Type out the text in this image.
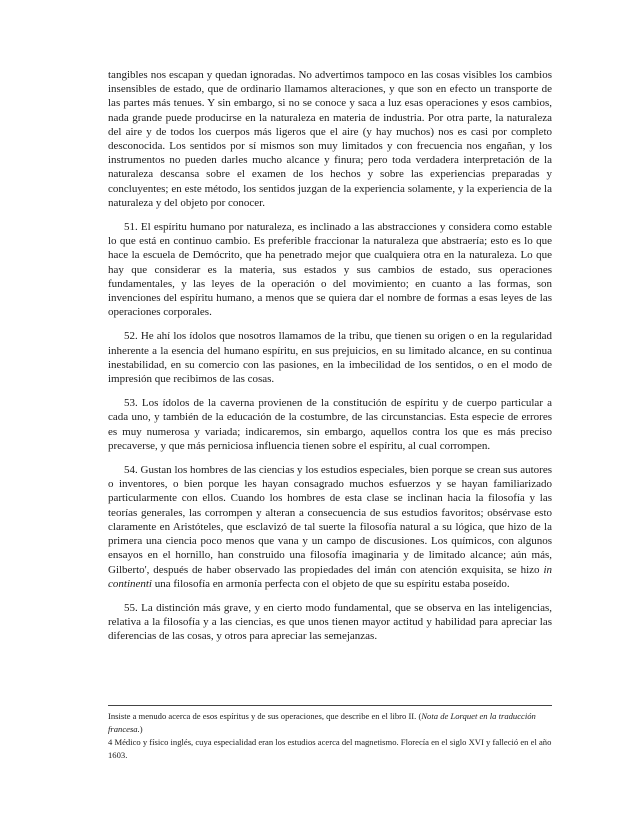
tangibles nos escapan y quedan ignoradas. No advertimos tampoco en las cosas visibles los cambios insensibles de estado, que de ordinario llamamos alteraciones, y que son en efecto un transporte de las partes más tenues. Y sin embargo, si no se conoce y saca a luz esas operaciones y esos cambios, nada grande puede producirse en la naturaleza en materia de industria. Por otra parte, la naturaleza del aire y de todos los cuerpos más ligeros que el aire (y hay muchos) nos es casi por completo desconocida. Los sentidos por sí mismos son muy limitados y con frecuencia nos engañan, y los instrumentos no pueden darles mucho alcance y finura; pero toda verdadera interpretación de la naturaleza descansa sobre el examen de los hechos y sobre las experiencias preparadas y concluyentes; en este método, los sentidos juzgan de la experiencia solamente, y la experiencia de la naturaleza y del objeto por conocer.

51. El espíritu humano por naturaleza, es inclinado a las abstracciones y considera como estable lo que está en continuo cambio. Es preferible fraccionar la naturaleza que abstraería; esto es lo que hace la escuela de Demócrito, que ha penetrado mejor que cualquiera otra en la naturaleza. Lo que hay que considerar es la materia, sus estados y sus cambios de estado, sus operaciones fundamentales, y las leyes de la operación o del movimiento; en cuanto a las formas, son invenciones del espíritu humano, a menos que se quiera dar el nombre de formas a esas leyes de las operaciones corporales.

52. He ahí los ídolos que nosotros llamamos de la tribu, que tienen su origen o en la regularidad inherente a la esencia del humano espíritu, en sus prejuicios, en su limitado alcance, en su continua inestabilidad, en su comercio con las pasiones, en la imbecilidad de los sentidos, o en el modo de impresión que recibimos de las cosas.

53. Los ídolos de la caverna provienen de la constitución de espíritu y de cuerpo particular a cada uno, y también de la educación de la costumbre, de las circunstancias. Esta especie de errores es muy numerosa y variada; indicaremos, sin embargo, aquellos contra los que es más preciso precaverse, y que más perniciosa influencia tienen sobre el espíritu, al cual corrompen.

54. Gustan los hombres de las ciencias y los estudios especiales, bien porque se crean sus autores o inventores, o bien porque les hayan consagrado muchos esfuerzos y se hayan familiarizado particularmente con ellos. Cuando los hombres de esta clase se inclinan hacia la filosofía y las teorías generales, las corrompen y alteran a consecuencia de sus estudios favoritos; obsérvase esto claramente en Aristóteles, que esclavizó de tal suerte la filosofía natural a su lógica, que hizo de la primera una ciencia poco menos que vana y un campo de discusiones. Los químicos, con algunos ensayos en el hornillo, han construido una filosofía imaginaria y de limitado alcance; aún más, Gilberto', después de haber observado las propiedades del imán con atención exquisita, se hizo in continenti una filosofía en armonía perfecta con el objeto de que su espíritu estaba poseído.

55. La distinción más grave, y en cierto modo fundamental, que se observa en las inteligencias, relativa a la filosofía y a las ciencias, es que unos tienen mayor actitud y habilidad para apreciar las diferencias de las cosas, y otros para apreciar las semejanzas.

Insiste a menudo acerca de esos espíritus y de sus operaciones, que describe en el libro II. (Nota de Lorquet en la traducción francesa.)

4 Médico y físico inglés, cuya especialidad eran los estudios acerca del magnetismo. Florecía en el siglo XVI y falleció en el año 1603.
